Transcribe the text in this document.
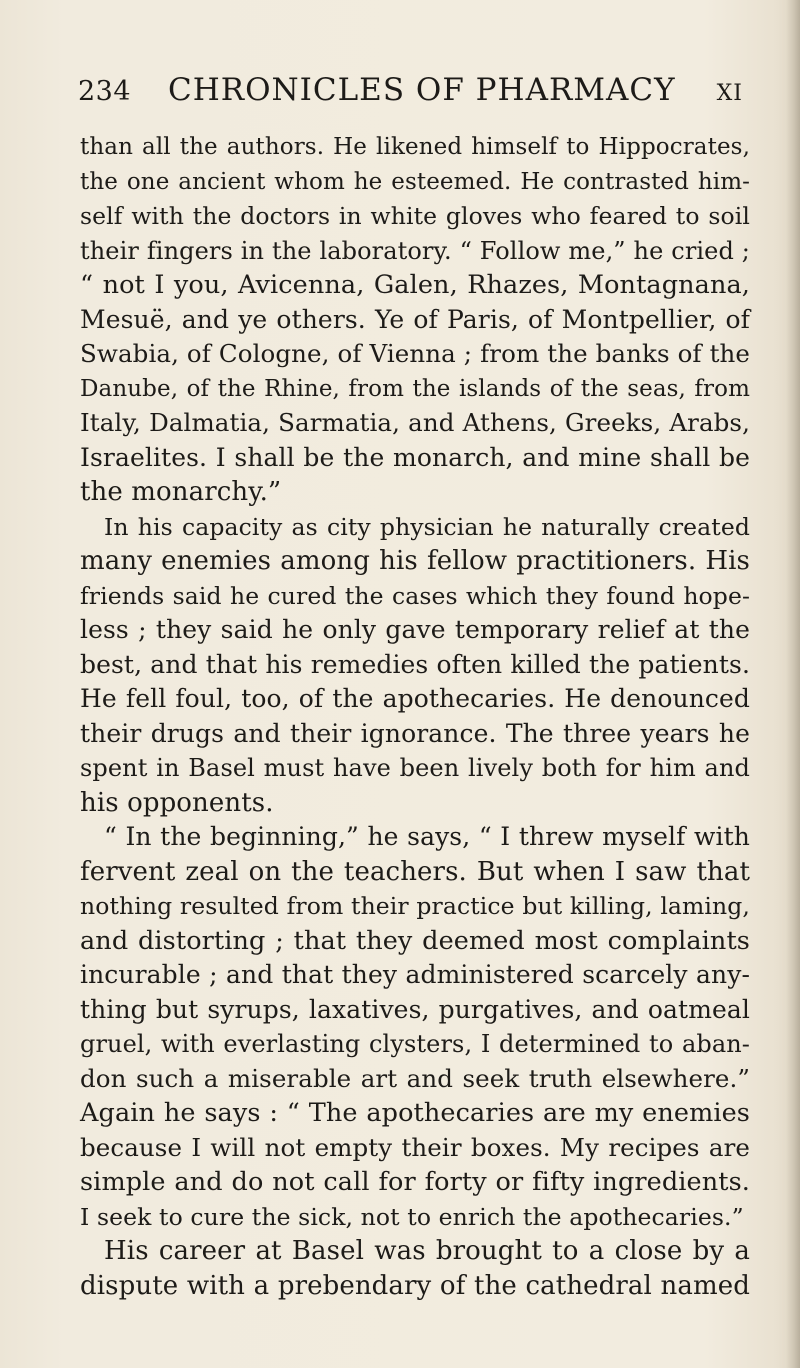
234	CHRONICLES OF PHARMACY	XI
than all the authors. He likened himself to Hippocrates,
the one ancient whom he esteemed. He contrasted him-
self with the doctors in white gloves who feared to soil
their fingers in the laboratory. “ Follow me,” he cried ;
“ not I you, Avicenna, Galen, Rhazes, Montagnana,
Mesuë, and ye others. Ye of Paris, of Montpellier, of
Swabia, of Cologne, of Vienna ; from the banks of the
Danube, of the Rhine, from the islands of the seas, from
Italy, Dalmatia, Sarmatia, and Athens, Greeks, Arabs,
Israelites. I shall be the monarch, and mine shall be
the monarchy.”
In his capacity as city physician he naturally created
many enemies among his fellow practitioners. His
friends said he cured the cases which they found hope-
less ; they said he only gave temporary relief at the
best, and that his remedies often killed the patients.
He fell foul, too, of the apothecaries. He denounced
their drugs and their ignorance. The three years he
spent in Basel must have been lively both for him and
his opponents.
“ In the beginning,” he says, “ I threw myself with
fervent zeal on the teachers. But when I saw that
nothing resulted from their practice but killing, laming,
and distorting ; that they deemed most complaints
incurable ; and that they administered scarcely any-
thing but syrups, laxatives, purgatives, and oatmeal
gruel, with everlasting clysters, I determined to aban-
don such a miserable art and seek truth elsewhere.”
Again he says : “ The apothecaries are my enemies
because I will not empty their boxes. My recipes are
simple and do not call for forty or fifty ingredients.
I seek to cure the sick, not to enrich the apothecaries.”
His career at Basel was brought to a close by a
dispute with a prebendary of the cathedral named
